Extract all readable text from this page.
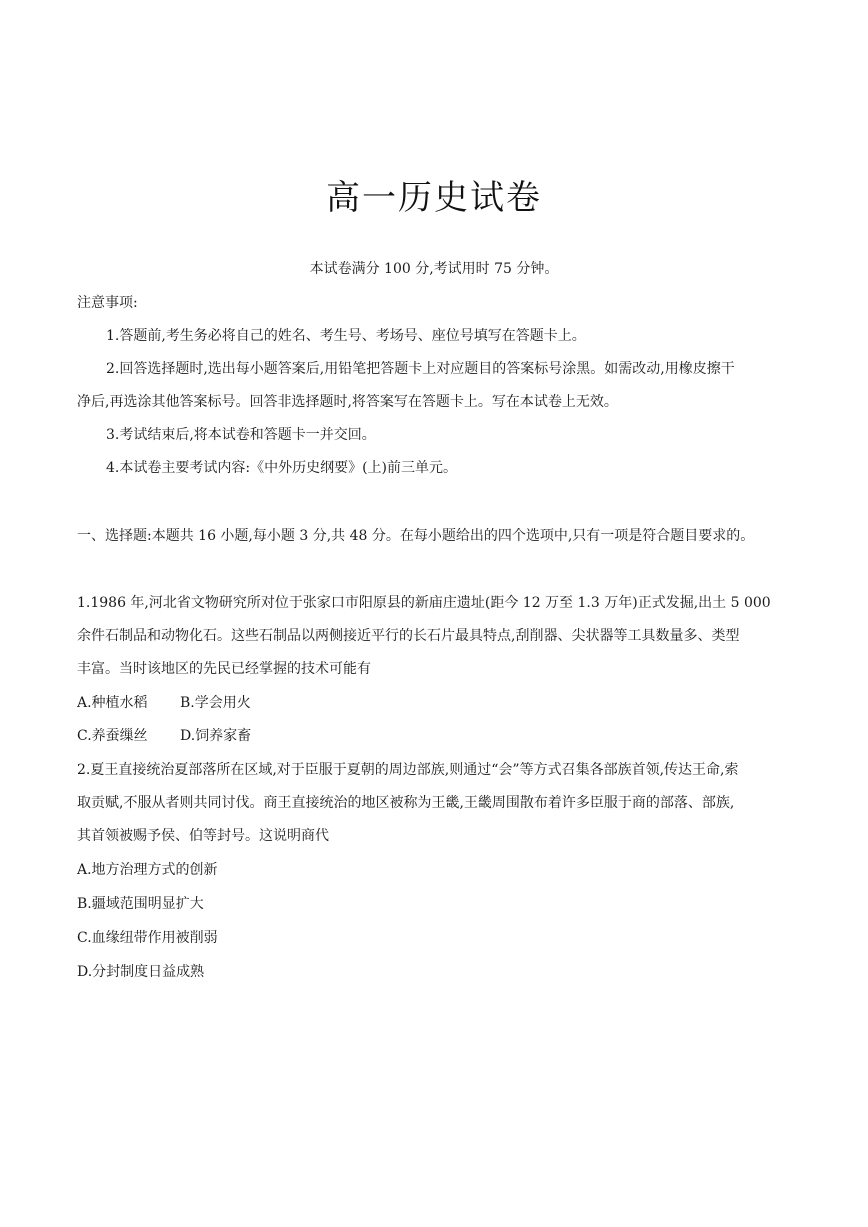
高一历史试卷
本试卷满分 100 分,考试用时 75 分钟。
注意事项:
1.答题前,考生务必将自己的姓名、考生号、考场号、座位号填写在答题卡上。
2.回答选择题时,选出每小题答案后,用铅笔把答题卡上对应题目的答案标号涂黑。如需改动,用橡皮擦干
净后,再选涂其他答案标号。回答非选择题时,将答案写在答题卡上。写在本试卷上无效。
3.考试结束后,将本试卷和答题卡一并交回。
4.本试卷主要考试内容:《中外历史纲要》(上)前三单元。
一、选择题:本题共 16 小题,每小题 3 分,共 48 分。在每小题给出的四个选项中,只有一项是符合题目要求的。
1.1986 年,河北省文物研究所对位于张家口市阳原县的新庙庄遗址(距今 12 万至 1.3 万年)正式发掘,出土 5 000
余件石制品和动物化石。这些石制品以两侧接近平行的长石片最具特点,刮削器、尖状器等工具数量多、类型
丰富。当时该地区的先民已经掌握的技术可能有
A.种植水稻 B.学会用火
C.养蚕缫丝 D.饲养家畜
2.夏王直接统治夏部落所在区域,对于臣服于夏朝的周边部族,则通过“会”等方式召集各部族首领,传达王命,索
取贡赋,不服从者则共同讨伐。商王直接统治的地区被称为王畿,王畿周围散布着许多臣服于商的部落、部族,
其首领被赐予侯、伯等封号。这说明商代
A.地方治理方式的创新
B.疆域范围明显扩大
C.血缘纽带作用被削弱
D.分封制度日益成熟
